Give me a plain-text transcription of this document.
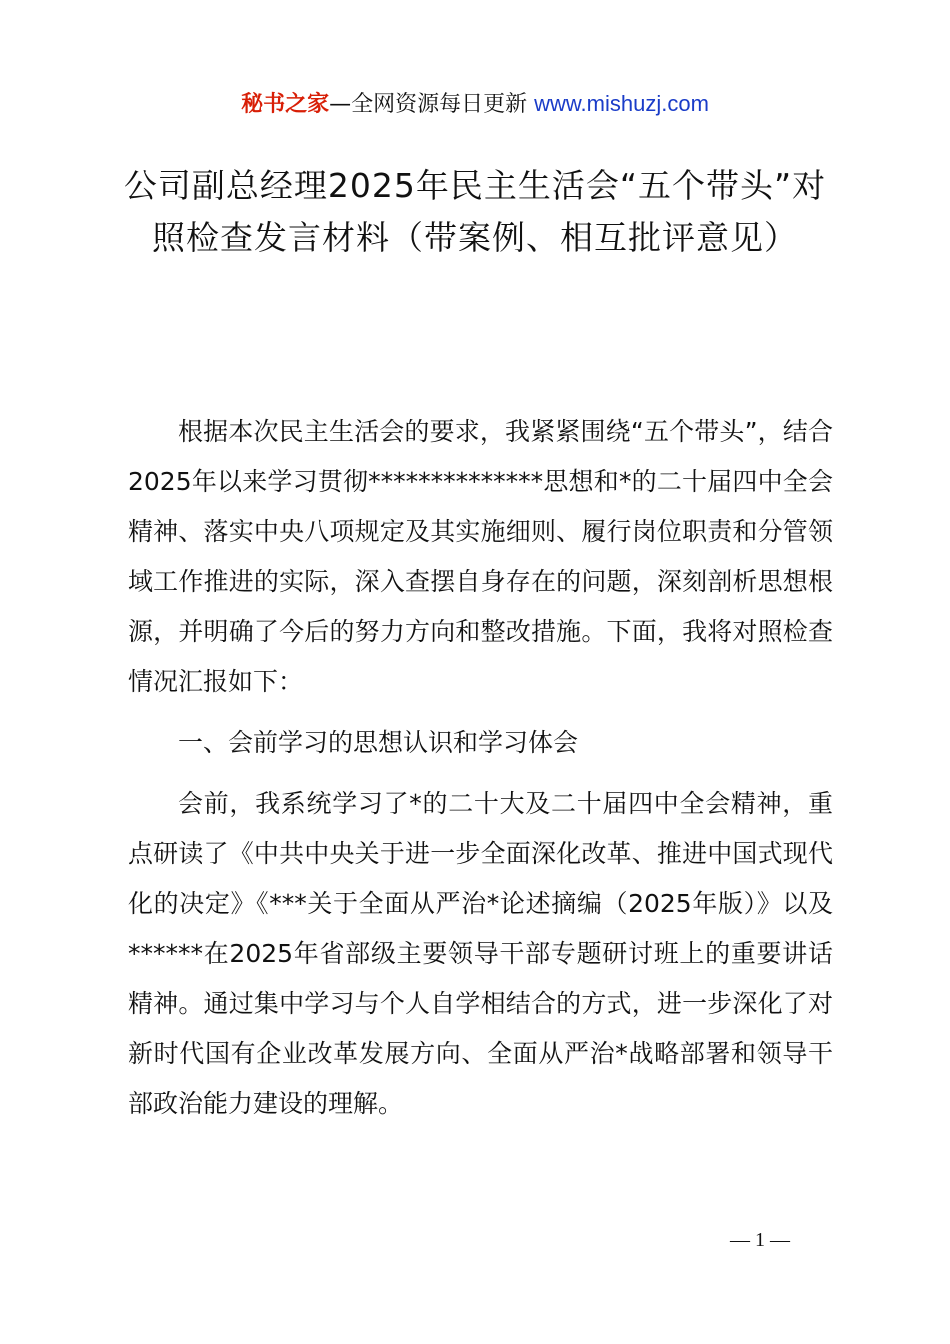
秘书之家—全网资源每日更新 www.mishuzj.com
公司副总经理2025年民主生活会“五个带头”对照检查发言材料（带案例、相互批评意见）

根据本次民主生活会的要求，我紧紧围绕“五个带头”，结合2025年以来学习贯彻**************思想和*的二十届四中全会精神、落实中央八项规定及其实施细则、履行岗位职责和分管领域工作推进的实际，深入查摆自身存在的问题，深刻剖析思想根源，并明确了今后的努力方向和整改措施。下面，我将对照检查情况汇报如下：

一、会前学习的思想认识和学习体会

会前，我系统学习了*的二十大及二十届四中全会精神，重点研读了《中共中央关于进一步全面深化改革、推进中国式现代化的决定》《***关于全面从严治*论述摘编（2025年版）》以及******在2025年省部级主要领导干部专题研讨班上的重要讲话精神。通过集中学习与个人自学相结合的方式，进一步深化了对新时代国有企业改革发展方向、全面从严治*战略部署和领导干部政治能力建设的理解。

— 1 —
